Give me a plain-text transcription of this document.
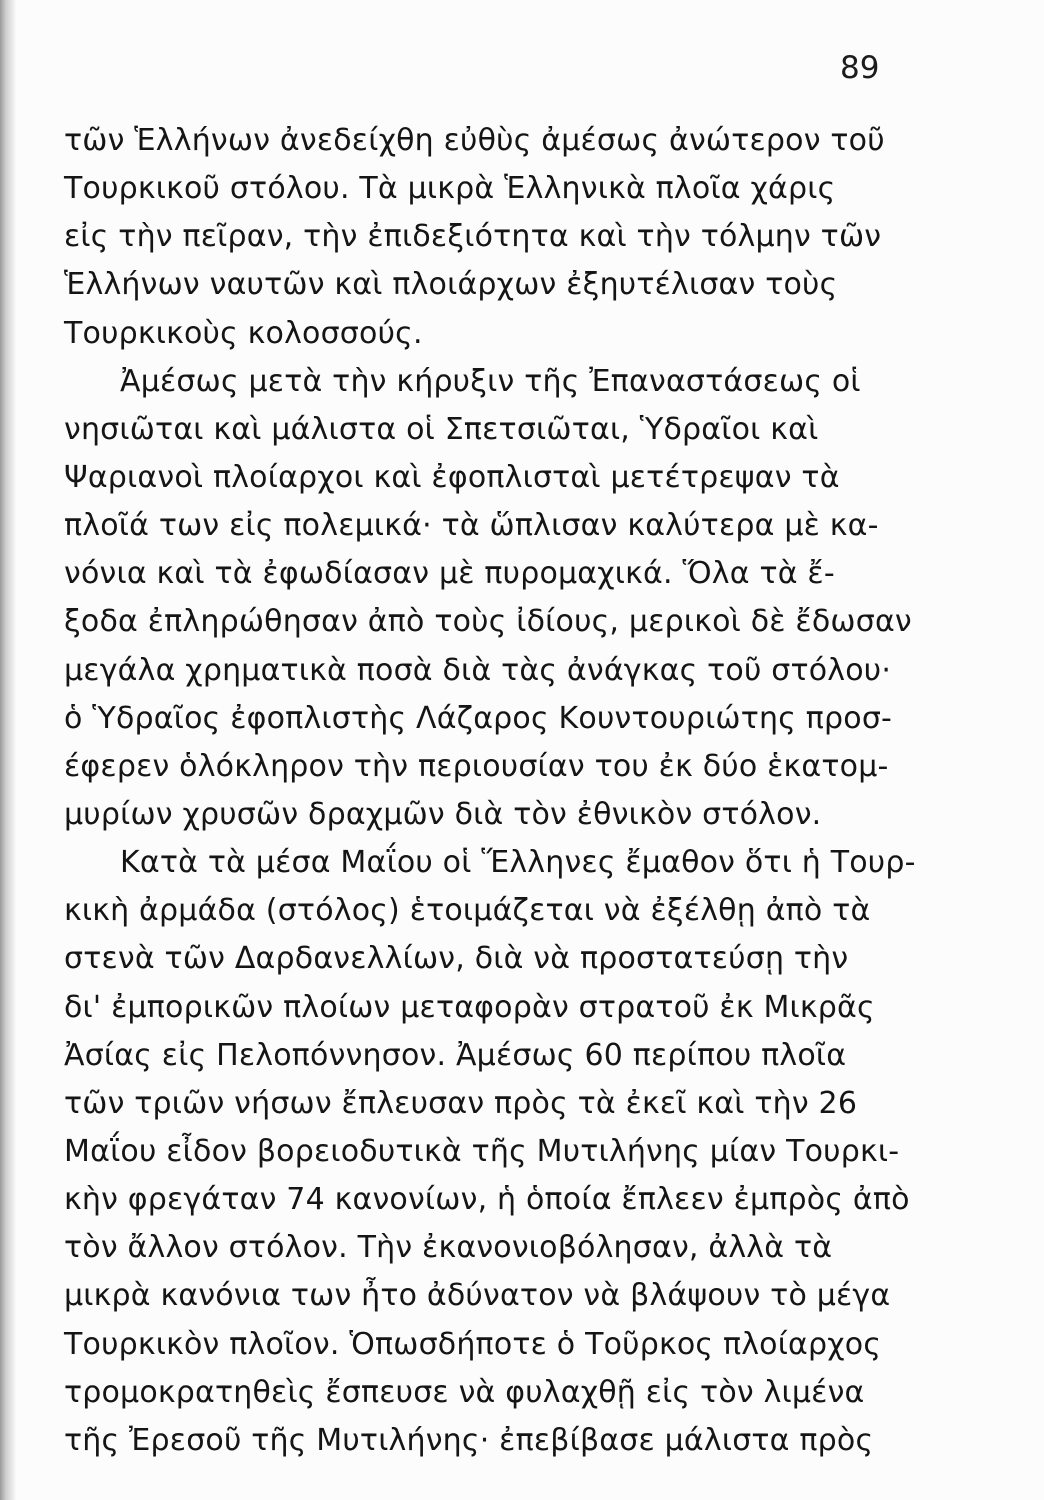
89

τῶν Ἑλλήνων ἀνεδείχθη εὐθὺς ἀμέσως ἀνώτερον τοῦ

Τουρκικοῦ στόλου. Τὰ μικρὰ Ἑλληνικὰ πλοῖα χάρις

εἰς τὴν πεῖραν, τὴν ἐπιδεξιότητα καὶ τὴν τόλμην τῶν

Ἑλλήνων ναυτῶν καὶ πλοιάρχων ἐξηυτέλισαν τοὺς

Τουρκικοὺς κολοσσούς.

Ἀμέσως μετὰ τὴν κήρυξιν τῆς Ἐπαναστάσεως οἱ

νησιῶται καὶ μάλιστα οἱ Σπετσιῶται, Ὑδραῖοι καὶ

Ψαριανοὶ πλοίαρχοι καὶ ἐφοπλισταὶ μετέτρεψαν τὰ

πλοῖά των εἰς πολεμικά· τὰ ὥπλισαν καλύτερα μὲ κα-

νόνια καὶ τὰ ἐφωδίασαν μὲ πυρομαχικά. Ὅλα τὰ ἔ-

ξοδα ἐπληρώθησαν ἀπὸ τοὺς ἰδίους, μερικοὶ δὲ ἔδωσαν

μεγάλα χρηματικὰ ποσὰ διὰ τὰς ἀνάγκας τοῦ στόλου·

ὁ Ὑδραῖος ἐφοπλιστὴς Λάζαρος Κουντουριώτης προσ-

έφερεν ὁλόκληρον τὴν περιουσίαν του ἐκ δύο ἑκατομ-

μυρίων χρυσῶν δραχμῶν διὰ τὸν ἐθνικὸν στόλον.

Κατὰ τὰ μέσα Μαΐου οἱ Ἕλληνες ἔμαθον ὅτι ἡ Τουρ-

κικὴ ἀρμάδα (στόλος) ἑτοιμάζεται νὰ ἐξέλθῃ ἀπὸ τὰ

στενὰ τῶν Δαρδανελλίων, διὰ νὰ προστατεύσῃ τὴν

δι' ἐμπορικῶν πλοίων μεταφορὰν στρατοῦ ἐκ Μικρᾶς

Ἀσίας εἰς Πελοπόννησον. Ἀμέσως 60 περίπου πλοῖα

τῶν τριῶν νήσων ἔπλευσαν πρὸς τὰ ἐκεῖ καὶ τὴν 26

Μαΐου εἶδον βορειοδυτικὰ τῆς Μυτιλήνης μίαν Τουρκι-

κὴν φρεγάταν 74 κανονίων, ἡ ὁποία ἔπλεεν ἐμπρὸς ἀπὸ

τὸν ἄλλον στόλον. Τὴν ἐκανονιοβόλησαν, ἀλλὰ τὰ

μικρὰ κανόνια των ἦτο ἀδύνατον νὰ βλάψουν τὸ μέγα

Τουρκικὸν πλοῖον. Ὁπωσδήποτε ὁ Τοῦρκος πλοίαρχος

τρομοκρατηθεὶς ἔσπευσε νὰ φυλαχθῇ εἰς τὸν λιμένα

τῆς Ἐρεσοῦ τῆς Μυτιλήνης· ἐπεβίβασε μάλιστα πρὸς
